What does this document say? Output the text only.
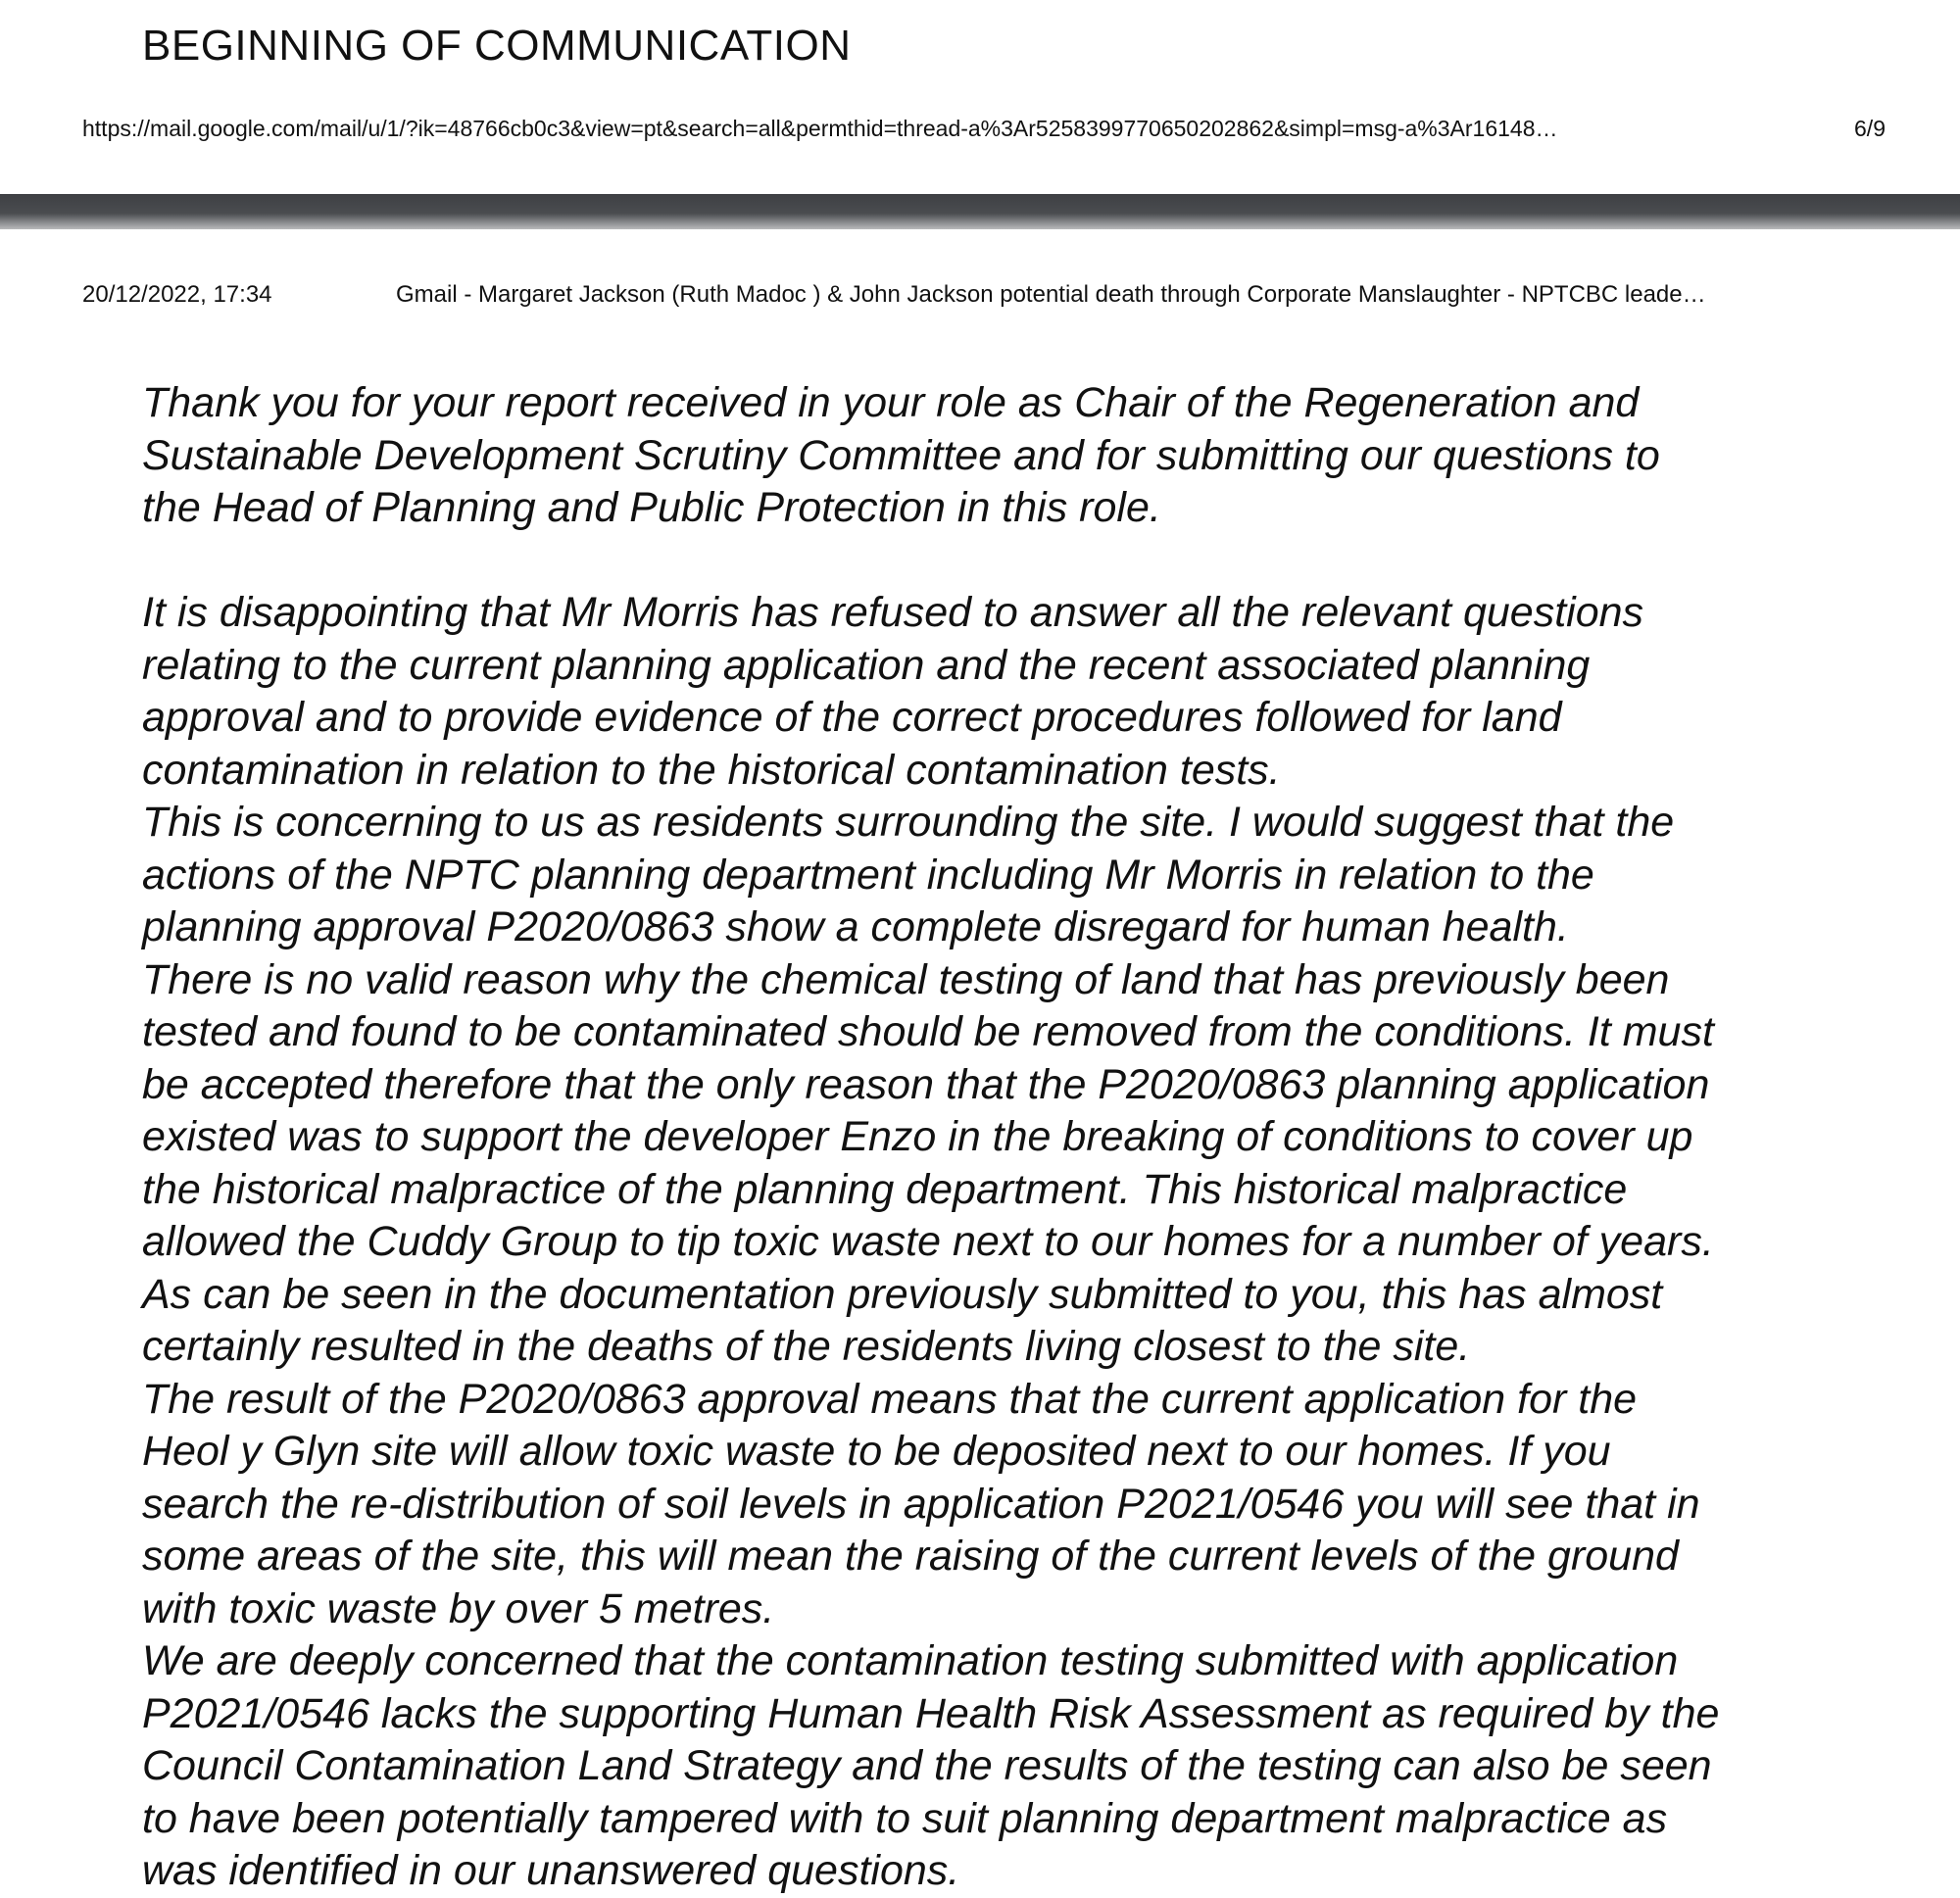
BEGINNING OF COMMUNICATION
https://mail.google.com/mail/u/1/?ik=48766cb0c3&view=pt&search=all&permthid=thread-a%3Ar5258399770650202862&simpl=msg-a%3Ar16148…	6/9
20/12/2022, 17:34	Gmail - Margaret Jackson (Ruth Madoc ) & John Jackson potential death through Corporate Manslaughter - NPTCBC leade…
Thank you for your report received in your role as Chair of the Regeneration and
Sustainable Development Scrutiny Committee and for submitting our questions to
the Head of Planning and Public Protection in this role.
It is disappointing that Mr Morris has refused to answer all the relevant questions
relating to the current planning application and the recent associated planning
approval and to provide evidence of the correct procedures followed for land
contamination in relation to the historical contamination tests.
This is concerning to us as residents surrounding the site. I would suggest that the
actions of the NPTC planning department including Mr Morris in relation to the
planning approval P2020/0863 show a complete disregard for human health.
There is no valid reason why the chemical testing of land that has previously been
tested and found to be contaminated should be removed from the conditions. It must
be accepted therefore that the only reason that the P2020/0863 planning application
existed was to support the developer Enzo in the breaking of conditions to cover up
the historical malpractice of the planning department. This historical malpractice
allowed the Cuddy Group to tip toxic waste next to our homes for a number of years.
As can be seen in the documentation previously submitted to you, this has almost
certainly resulted in the deaths of the residents living closest to the site.
The result of the P2020/0863 approval means that the current application for the
Heol y Glyn site will allow toxic waste to be deposited next to our homes. If you
search the re-distribution of soil levels in application P2021/0546 you will see that in
some areas of the site, this will mean the raising of the current levels of the ground
with toxic waste by over 5 metres.
We are deeply concerned that the contamination testing submitted with application
P2021/0546 lacks the supporting Human Health Risk Assessment as required by the
Council Contamination Land Strategy and the results of the testing can also be seen
to have been potentially tampered with to suit planning department malpractice as
was identified in our unanswered questions.
